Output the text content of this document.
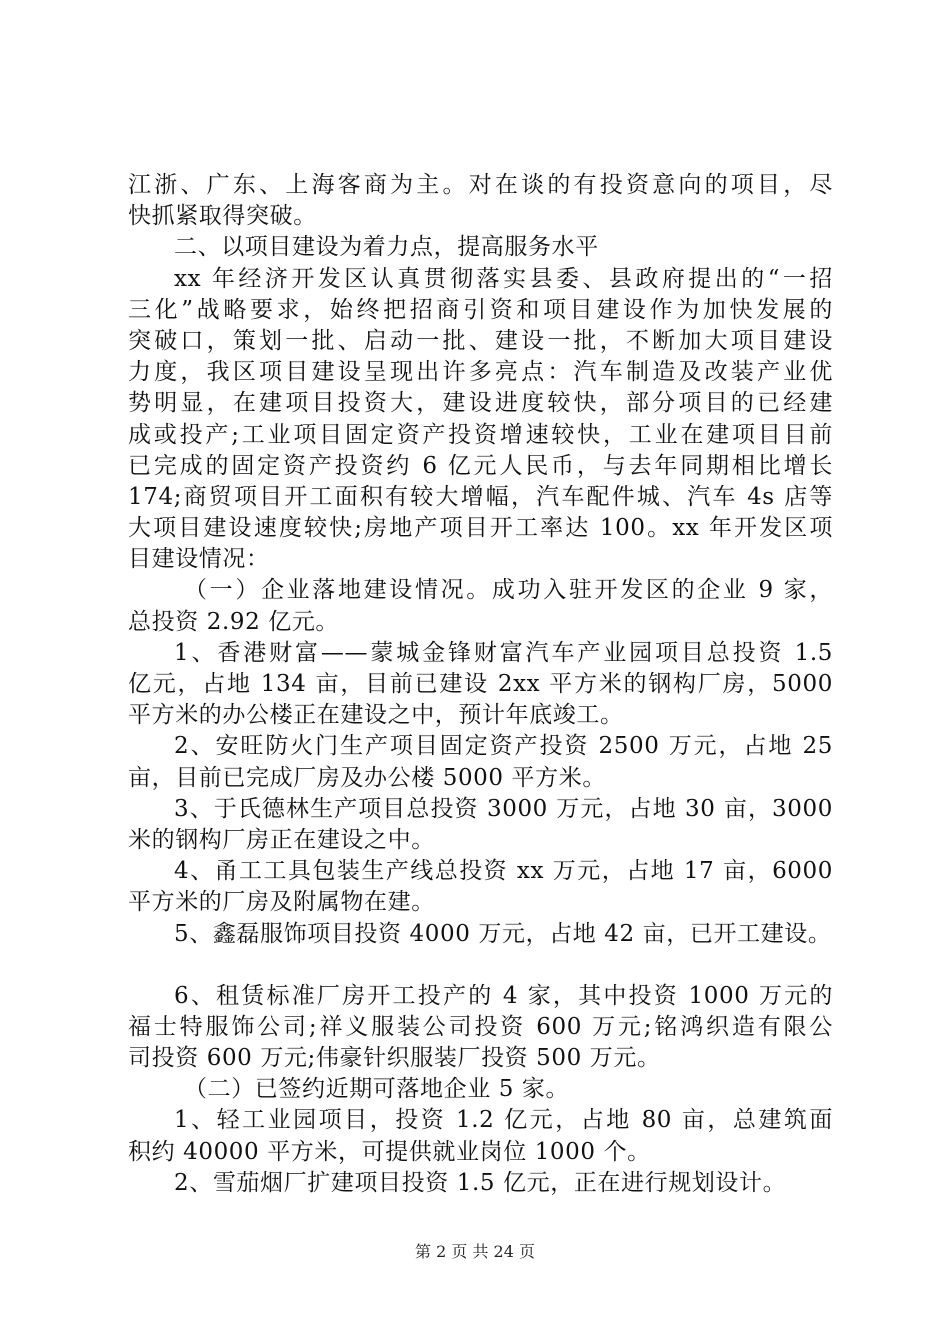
江浙、广东、上海客商为主。对在谈的有投资意向的项目，尽
快抓紧取得突破。
二、以项目建设为着力点，提高服务水平
xx 年经济开发区认真贯彻落实县委、县政府提出的“一招
三化”战略要求，始终把招商引资和项目建设作为加快发展的
突破口，策划一批、启动一批、建设一批，不断加大项目建设
力度，我区项目建设呈现出许多亮点：汽车制造及改装产业优
势明显，在建项目投资大，建设进度较快，部分项目的已经建
成或投产;工业项目固定资产投资增速较快，工业在建项目目前
已完成的固定资产投资约 6 亿元人民币，与去年同期相比增长
174;商贸项目开工面积有较大增幅，汽车配件城、汽车 4s 店等
大项目建设速度较快;房地产项目开工率达 100。xx 年开发区项
目建设情况：
（一）企业落地建设情况。成功入驻开发区的企业 9 家，
总投资 2.92 亿元。
1、香港财富——蒙城金锋财富汽车产业园项目总投资 1.5
亿元，占地 134 亩，目前已建设 2xx 平方米的钢构厂房，5000
平方米的办公楼正在建设之中，预计年底竣工。
2、安旺防火门生产项目固定资产投资 2500 万元，占地 25
亩，目前已完成厂房及办公楼 5000 平方米。
3、于氏德林生产项目总投资 3000 万元，占地 30 亩，3000
米的钢构厂房正在建设之中。
4、甬工工具包装生产线总投资 xx 万元，占地 17 亩，6000
平方米的厂房及附属物在建。
5、鑫磊服饰项目投资 4000 万元，占地 42 亩，已开工建设。
6、租赁标准厂房开工投产的 4 家，其中投资 1000 万元的
福士特服饰公司;祥义服装公司投资 600 万元;铭鸿织造有限公
司投资 600 万元;伟豪针织服装厂投资 500 万元。
（二）已签约近期可落地企业 5 家。
1、轻工业园项目，投资 1.2 亿元，占地 80 亩，总建筑面
积约 40000 平方米，可提供就业岗位 1000 个。
2、雪茄烟厂扩建项目投资 1.5 亿元，正在进行规划设计。
第 2 页 共 24 页
